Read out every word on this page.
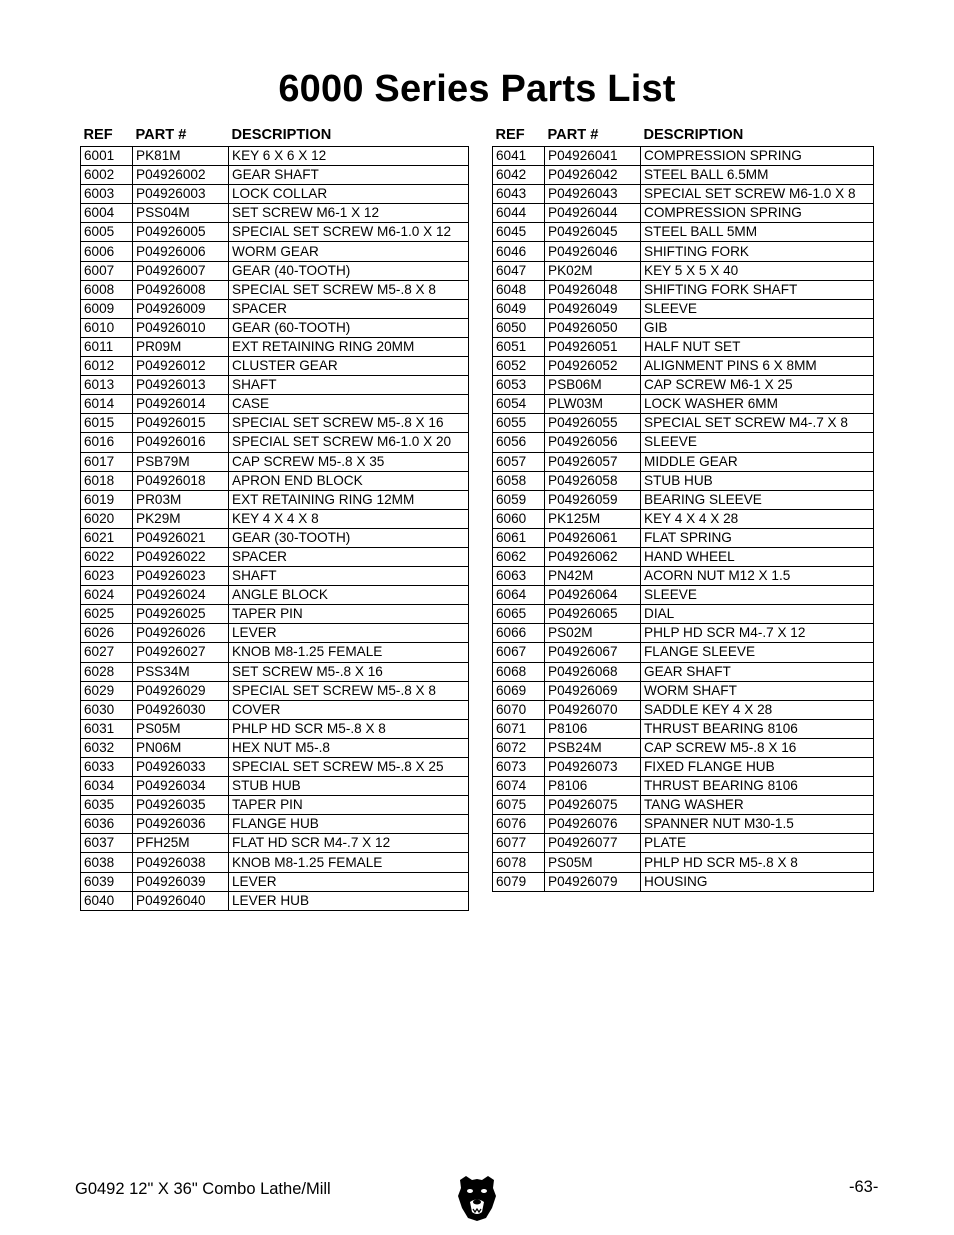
6000 Series Parts List
REF	PART #	DESCRIPTION
6001	PK81M	KEY 6 X 6 X 12
6002	P04926002	GEAR SHAFT
6003	P04926003	LOCK COLLAR
6004	PSS04M	SET SCREW M6-1 X 12
6005	P04926005	SPECIAL SET SCREW M6-1.0 X 12
6006	P04926006	WORM GEAR
6007	P04926007	GEAR (40-TOOTH)
6008	P04926008	SPECIAL SET SCREW M5-.8 X 8
6009	P04926009	SPACER
6010	P04926010	GEAR (60-TOOTH)
6011	PR09M	EXT RETAINING RING 20MM
6012	P04926012	CLUSTER GEAR
6013	P04926013	SHAFT
6014	P04926014	CASE
6015	P04926015	SPECIAL SET SCREW M5-.8 X 16
6016	P04926016	SPECIAL SET SCREW M6-1.0 X 20
6017	PSB79M	CAP SCREW M5-.8 X 35
6018	P04926018	APRON END BLOCK
6019	PR03M	EXT RETAINING RING 12MM
6020	PK29M	KEY 4 X 4 X 8
6021	P04926021	GEAR (30-TOOTH)
6022	P04926022	SPACER
6023	P04926023	SHAFT
6024	P04926024	ANGLE BLOCK
6025	P04926025	TAPER PIN
6026	P04926026	LEVER
6027	P04926027	KNOB M8-1.25 FEMALE
6028	PSS34M	SET SCREW M5-.8 X 16
6029	P04926029	SPECIAL SET SCREW M5-.8 X 8
6030	P04926030	COVER
6031	PS05M	PHLP HD SCR M5-.8 X 8
6032	PN06M	HEX NUT M5-.8
6033	P04926033	SPECIAL SET SCREW M5-.8 X 25
6034	P04926034	STUB HUB
6035	P04926035	TAPER PIN
6036	P04926036	FLANGE HUB
6037	PFH25M	FLAT HD SCR M4-.7 X 12
6038	P04926038	KNOB M8-1.25 FEMALE
6039	P04926039	LEVER
6040	P04926040	LEVER HUB
REF	PART #	DESCRIPTION
6041	P04926041	COMPRESSION SPRING
6042	P04926042	STEEL BALL 6.5MM
6043	P04926043	SPECIAL SET SCREW M6-1.0 X 8
6044	P04926044	COMPRESSION SPRING
6045	P04926045	STEEL BALL 5MM
6046	P04926046	SHIFTING FORK
6047	PK02M	KEY 5 X 5 X 40
6048	P04926048	SHIFTING FORK SHAFT
6049	P04926049	SLEEVE
6050	P04926050	GIB
6051	P04926051	HALF NUT SET
6052	P04926052	ALIGNMENT PINS 6 X 8MM
6053	PSB06M	CAP SCREW M6-1 X 25
6054	PLW03M	LOCK WASHER 6MM
6055	P04926055	SPECIAL SET SCREW M4-.7 X 8
6056	P04926056	SLEEVE
6057	P04926057	MIDDLE GEAR
6058	P04926058	STUB HUB
6059	P04926059	BEARING SLEEVE
6060	PK125M	KEY 4 X 4 X 28
6061	P04926061	FLAT SPRING
6062	P04926062	HAND WHEEL
6063	PN42M	ACORN NUT M12 X 1.5
6064	P04926064	SLEEVE
6065	P04926065	DIAL
6066	PS02M	PHLP HD SCR M4-.7 X 12
6067	P04926067	FLANGE SLEEVE
6068	P04926068	GEAR SHAFT
6069	P04926069	WORM SHAFT
6070	P04926070	SADDLE KEY 4 X 28
6071	P8106	THRUST BEARING 8106
6072	PSB24M	CAP SCREW M5-.8 X 16
6073	P04926073	FIXED FLANGE HUB
6074	P8106	THRUST BEARING 8106
6075	P04926075	TANG WASHER
6076	P04926076	SPANNER NUT M30-1.5
6077	P04926077	PLATE
6078	PS05M	PHLP HD SCR M5-.8 X 8
6079	P04926079	HOUSING
G0492 12" X 36" Combo Lathe/Mill	-63-
